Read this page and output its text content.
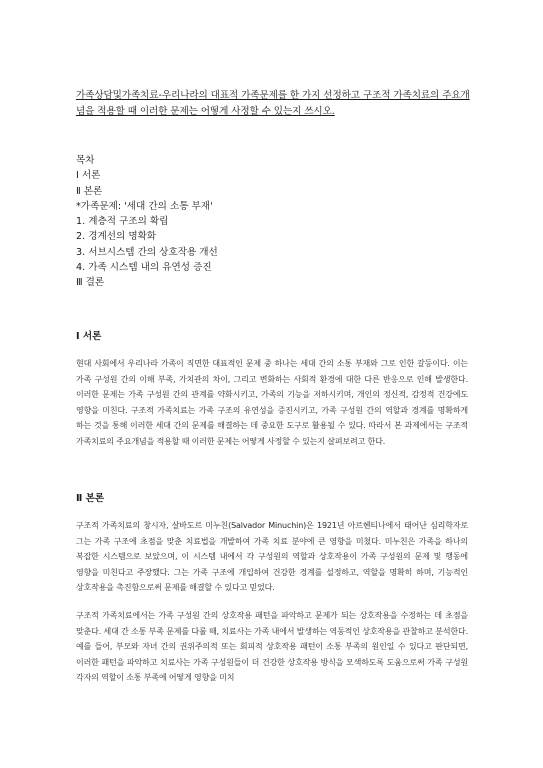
가족상담및가족치료-우리나라의 대표적 가족문제를 한 가지 선정하고 구조적 가족치료의 주요개념을 적용할 때 이러한 문제는 어떻게 사정할 수 있는지 쓰시오.
목차
Ⅰ 서론
Ⅱ 본론
*가족문제: '세대 간의 소통 부재'
1. 계층적 구조의 확립
2. 경계선의 명확화
3. 서브시스템 간의 상호작용 개선
4. 가족 시스템 내의 유연성 증진
Ⅲ 결론
Ⅰ 서론
현대 사회에서 우리나라 가족이 직면한 대표적인 문제 중 하나는 세대 간의 소통 부재와 그로 인한 갈등이다. 이는 가족 구성원 간의 이해 부족, 가치관의 차이, 그리고 변화하는 사회적 환경에 대한 다른 반응으로 인해 발생한다. 이러한 문제는 가족 구성원 간의 관계를 약화시키고, 가족의 기능을 저하시키며, 개인의 정신적, 감정적 건강에도 영향을 미친다. 구조적 가족치료는 가족 구조의 유연성을 증진시키고, 가족 구성원 간의 역할과 경계를 명확하게 하는 것을 통해 이러한 세대 간의 문제를 해결하는 데 중요한 도구로 활용될 수 있다. 따라서 본 과제에서는 구조적 가족치료의 주요개념을 적용할 때 이러한 문제는 어떻게 사정할 수 있는지 살펴보려고 한다.
Ⅱ 본론
구조적 가족치료의 창시자, 살바도르 미누친(Salvador Minuchin)은 1921년 아르헨티나에서 태어난 심리학자로 그는 가족 구조에 초점을 맞춘 치료법을 개발하여 가족 치료 분야에 큰 영향을 미쳤다. 미누친은 가족을 하나의 복잡한 시스템으로 보았으며, 이 시스템 내에서 각 구성원의 역할과 상호작용이 가족 구성원의 문제 및 행동에 영향을 미친다고 주장했다. 그는 가족 구조에 개입하여 건강한 경계를 설정하고, 역할을 명확히 하며, 기능적인 상호작용을 촉진함으로써 문제를 해결할 수 있다고 믿었다.
구조적 가족치료에서는 가족 구성원 간의 상호작용 패턴을 파악하고 문제가 되는 상호작용을 수정하는 데 초점을 맞춘다. 세대 간 소통 부족 문제를 다룰 때, 치료사는 가족 내에서 발생하는 역동적인 상호작용을 관찰하고 분석한다. 예를 들어, 부모와 자녀 간의 권위주의적 또는 회피적 상호작용 패턴이 소통 부족의 원인일 수 있다고 판단되면, 이러한 패턴을 파악하고 치료사는 가족 구성원들이 더 건강한 상호작용 방식을 모색하도록 도움으로써 가족 구성원 각자의 역할이 소통 부족에 어떻게 영향을 미치
